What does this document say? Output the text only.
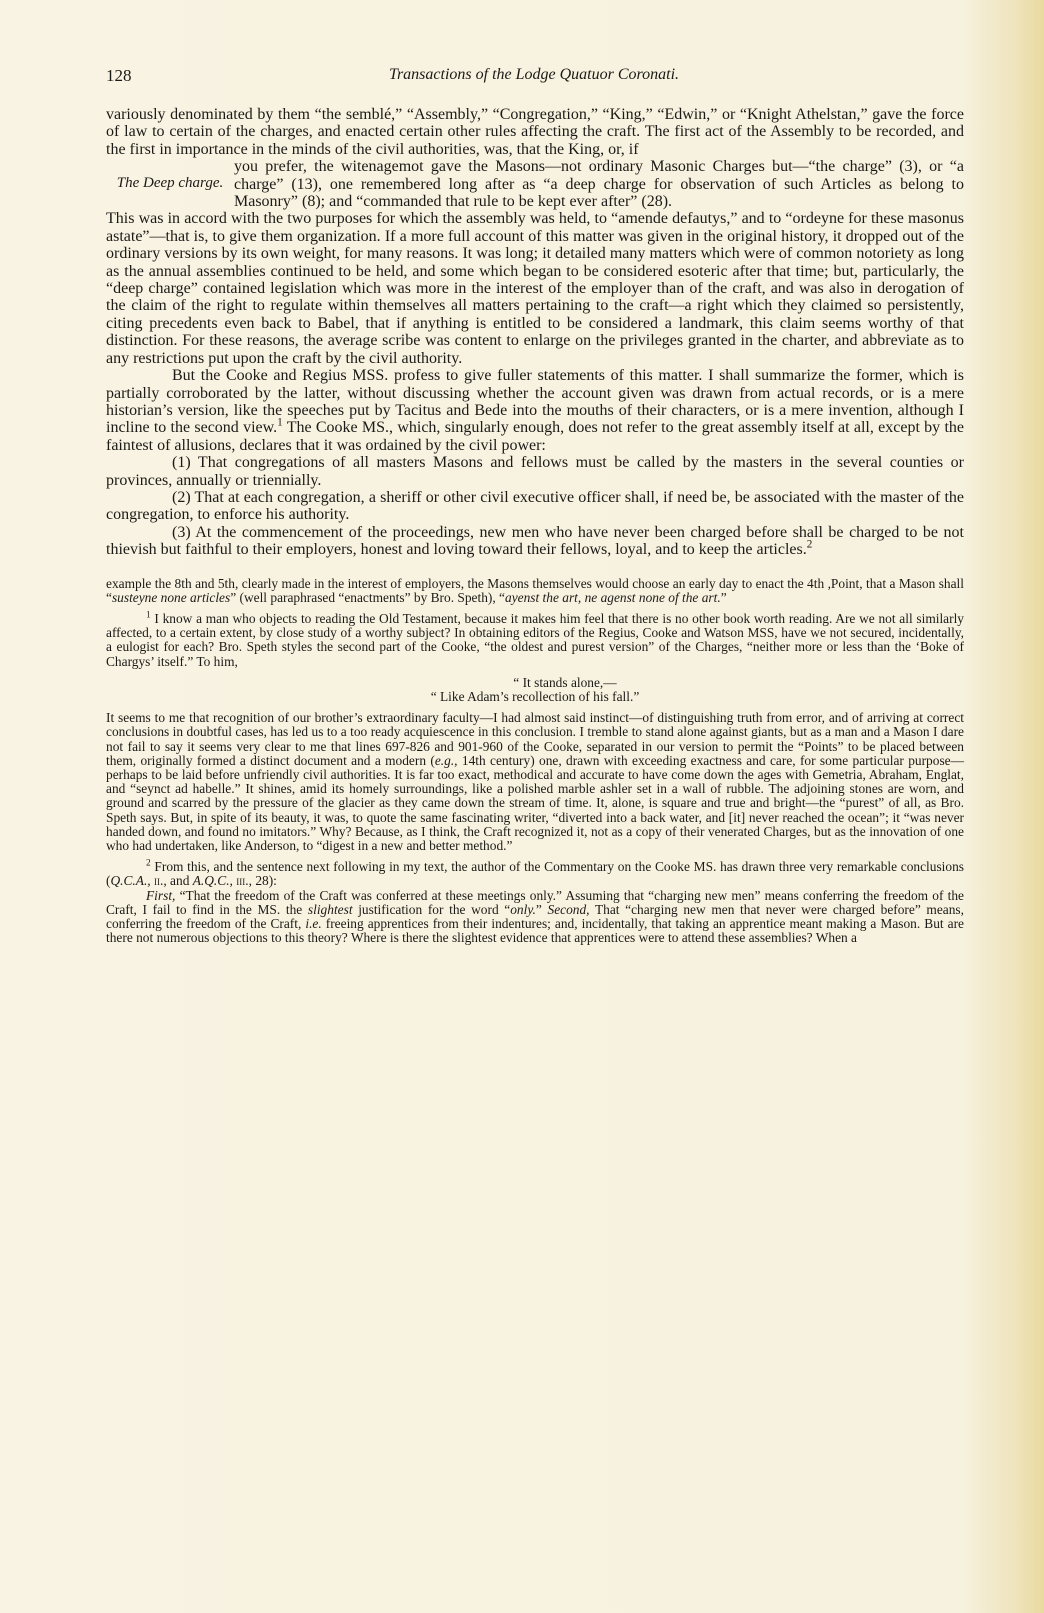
128	Transactions of the Lodge Quatuor Coronati.

variously denominated by them “the semblé,” “Assembly,” “Congregation,” “King,” “Edwin,” or “Knight Athelstan,” gave the force of law to certain of the charges, and enacted certain other rules affecting the craft. The first act of the Assembly to be recorded, and the first in importance in the minds of the civil authorities, was, that the King, or, if

The Deep charge.
you prefer, the witenagemot gave the Masons—not ordinary Masonic Charges but—“the charge” (3), or “a charge” (13), one remembered long after as “a deep charge for observation of such Articles as belong to Masonry” (8); and “commanded that rule to be kept ever after” (28).

This was in accord with the two purposes for which the assembly was held, to “amende defautys,” and to “ordeyne for these masonus astate”—that is, to give them organization. If a more full account of this matter was given in the original history, it dropped out of the ordinary versions by its own weight, for many reasons. It was long; it detailed many matters which were of common notoriety as long as the annual assemblies continued to be held, and some which began to be considered esoteric after that time; but, particularly, the “deep charge” contained legislation which was more in the interest of the employer than of the craft, and was also in derogation of the claim of the right to regulate within themselves all matters pertaining to the craft—a right which they claimed so persistently, citing precedents even back to Babel, that if anything is entitled to be considered a landmark, this claim seems worthy of that distinction. For these reasons, the average scribe was content to enlarge on the privileges granted in the charter, and abbreviate as to any restrictions put upon the craft by the civil authority.

But the Cooke and Regius MSS. profess to give fuller statements of this matter. I shall summarize the former, which is partially corroborated by the latter, without discussing whether the account given was drawn from actual records, or is a mere historian’s version, like the speeches put by Tacitus and Bede into the mouths of their characters, or is a mere invention, although I incline to the second view.$^1$ The Cooke MS., which, singularly enough, does not refer to the great assembly itself at all, except by the faintest of allusions, declares that it was ordained by the civil power:

(1) That congregations of all masters Masons and fellows must be called by the masters in the several counties or provinces, annually or triennially.

(2) That at each congregation, a sheriff or other civil executive officer shall, if need be, be associated with the master of the congregation, to enforce his authority.

(3) At the commencement of the proceedings, new men who have never been charged before shall be charged to be not thievish but faithful to their employers, honest and loving toward their fellows, loyal, and to keep the articles.$^2$

example the 8th and 5th, clearly made in the interest of employers, the Masons themselves would choose an early day to enact the 4th ,Point, that a Mason shall “susteyne none articles” (well paraphrased “enactments” by Bro. Speth), “ayenst the art, ne agenst none of the art.”

$^1$ I know a man who objects to reading the Old Testament, because it makes him feel that there is no other book worth reading. Are we not all similarly affected, to a certain extent, by close study of a worthy subject? In obtaining editors of the Regius, Cooke and Watson MSS, have we not secured, incidentally, a eulogist for each? Bro. Speth styles the second part of the Cooke, “the oldest and purest version” of the Charges, “neither more or less than the ‘Boke of Chargys’ itself.” To him,

“ It stands alone,—
“ Like Adam’s recollection of his fall.”

It seems to me that recognition of our brother’s extraordinary faculty—I had almost said instinct—of distinguishing truth from error, and of arriving at correct conclusions in doubtful cases, has led us to a too ready acquiescence in this conclusion. I tremble to stand alone against giants, but as a man and a Mason I dare not fail to say it seems very clear to me that lines 697-826 and 901-960 of the Cooke, separated in our version to permit the “Points” to be placed between them, originally formed a distinct document and a modern (e.g., 14th century) one, drawn with exceeding exactness and care, for some particular purpose—perhaps to be laid before unfriendly civil authorities. It is far too exact, methodical and accurate to have come down the ages with Gemetria, Abraham, Englat, and “seynct ad habelle.” It shines, amid its homely surroundings, like a polished marble ashler set in a wall of rubble. The adjoining stones are worn, and ground and scarred by the pressure of the glacier as they came down the stream of time. It, alone, is square and true and bright—the “purest” of all, as Bro. Speth says. But, in spite of its beauty, it was, to quote the same fascinating writer, “diverted into a back water, and [it] never reached the ocean”; it “was never handed down, and found no imitators.” Why? Because, as I think, the Craft recognized it, not as a copy of their venerated Charges, but as the innovation of one who had undertaken, like Anderson, to “digest in a new and better method.”

$^2$ From this, and the sentence next following in my text, the author of the Commentary on the Cooke MS. has drawn three very remarkable conclusions (Q.C.A., ii., and A.Q.C., iii., 28):

First, “That the freedom of the Craft was conferred at these meetings only.” Assuming that “charging new men” means conferring the freedom of the Craft, I fail to find in the MS. the slightest justification for the word “only.” Second, That “charging new men that never were charged before” means, conferring the freedom of the Craft, i.e. freeing apprentices from their indentures; and, incidentally, that taking an apprentice meant making a Mason. But are there not numerous objections to this theory? Where is there the slightest evidence that apprentices were to attend these assemblies? When a
